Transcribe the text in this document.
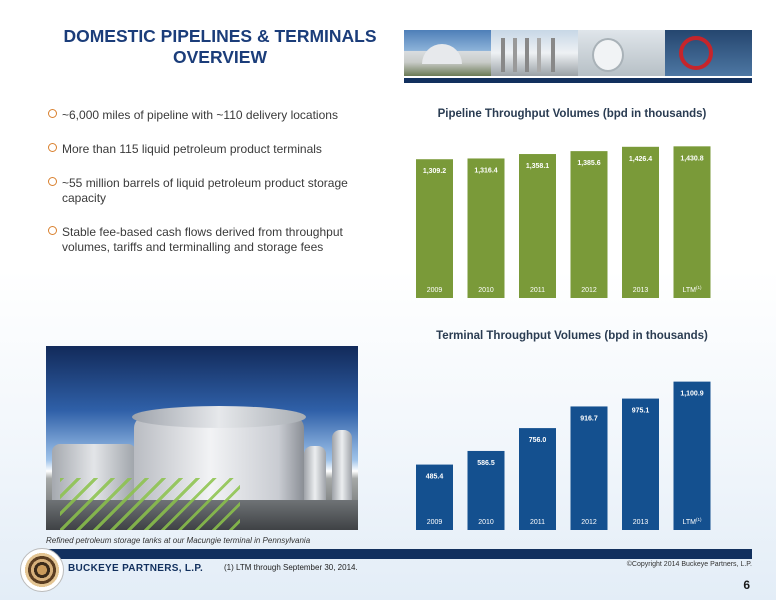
DOMESTIC PIPELINES & TERMINALS OVERVIEW
~6,000 miles of pipeline with ~110 delivery locations
More than 115 liquid petroleum product terminals
~55 million barrels of liquid petroleum product storage capacity
Stable fee-based cash flows derived from throughput volumes, tariffs and terminalling and storage fees
Pipeline Throughput Volumes (bpd in thousands)
1,309.2
2009
1,316.4
2010
1,358.1
2011
1,385.6
2012
1,426.4
2013
1,430.8
LTM$^{(1)}$
Terminal Throughput Volumes (bpd in thousands)
485.4
2009
586.5
2010
756.0
2011
916.7
2012
975.1
2013
1,100.9
LTM$^{(1)}$
Refined petroleum storage tanks at our Macungie terminal in Pennsylvania
BUCKEYE PARTNERS, L.P.	(1) LTM through September 30, 2014.	©Copyright 2014 Buckeye Partners, L.P.
6
